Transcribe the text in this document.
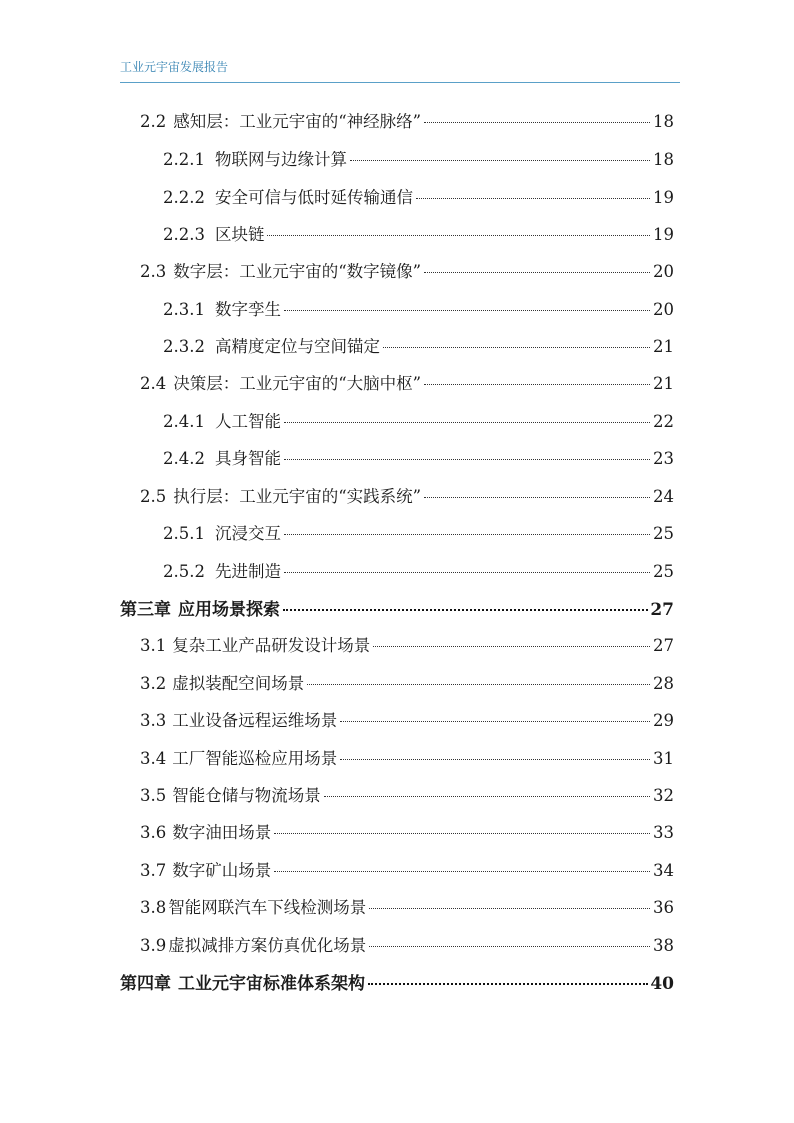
工业元宇宙发展报告
2.2 感知层：工业元宇宙的“神经脉络”	18
2.2.1 物联网与边缘计算	18
2.2.2 安全可信与低时延传输通信	19
2.2.3 区块链	19
2.3 数字层：工业元宇宙的“数字镜像”	20
2.3.1 数字孪生	20
2.3.2 高精度定位与空间锚定	21
2.4 决策层：工业元宇宙的“大脑中枢”	21
2.4.1 人工智能	22
2.4.2 具身智能	23
2.5 执行层：工业元宇宙的“实践系统”	24
2.5.1 沉浸交互	25
2.5.2 先进制造	25
第三章 应用场景探索	27
3.1 复杂工业产品研发设计场景	27
3.2 虚拟装配空间场景	28
3.3 工业设备远程运维场景	29
3.4 工厂智能巡检应用场景	31
3.5 智能仓储与物流场景	32
3.6 数字油田场景	33
3.7 数字矿山场景	34
3.8 智能网联汽车下线检测场景	36
3.9 虚拟减排方案仿真优化场景	38
第四章 工业元宇宙标准体系架构	40
